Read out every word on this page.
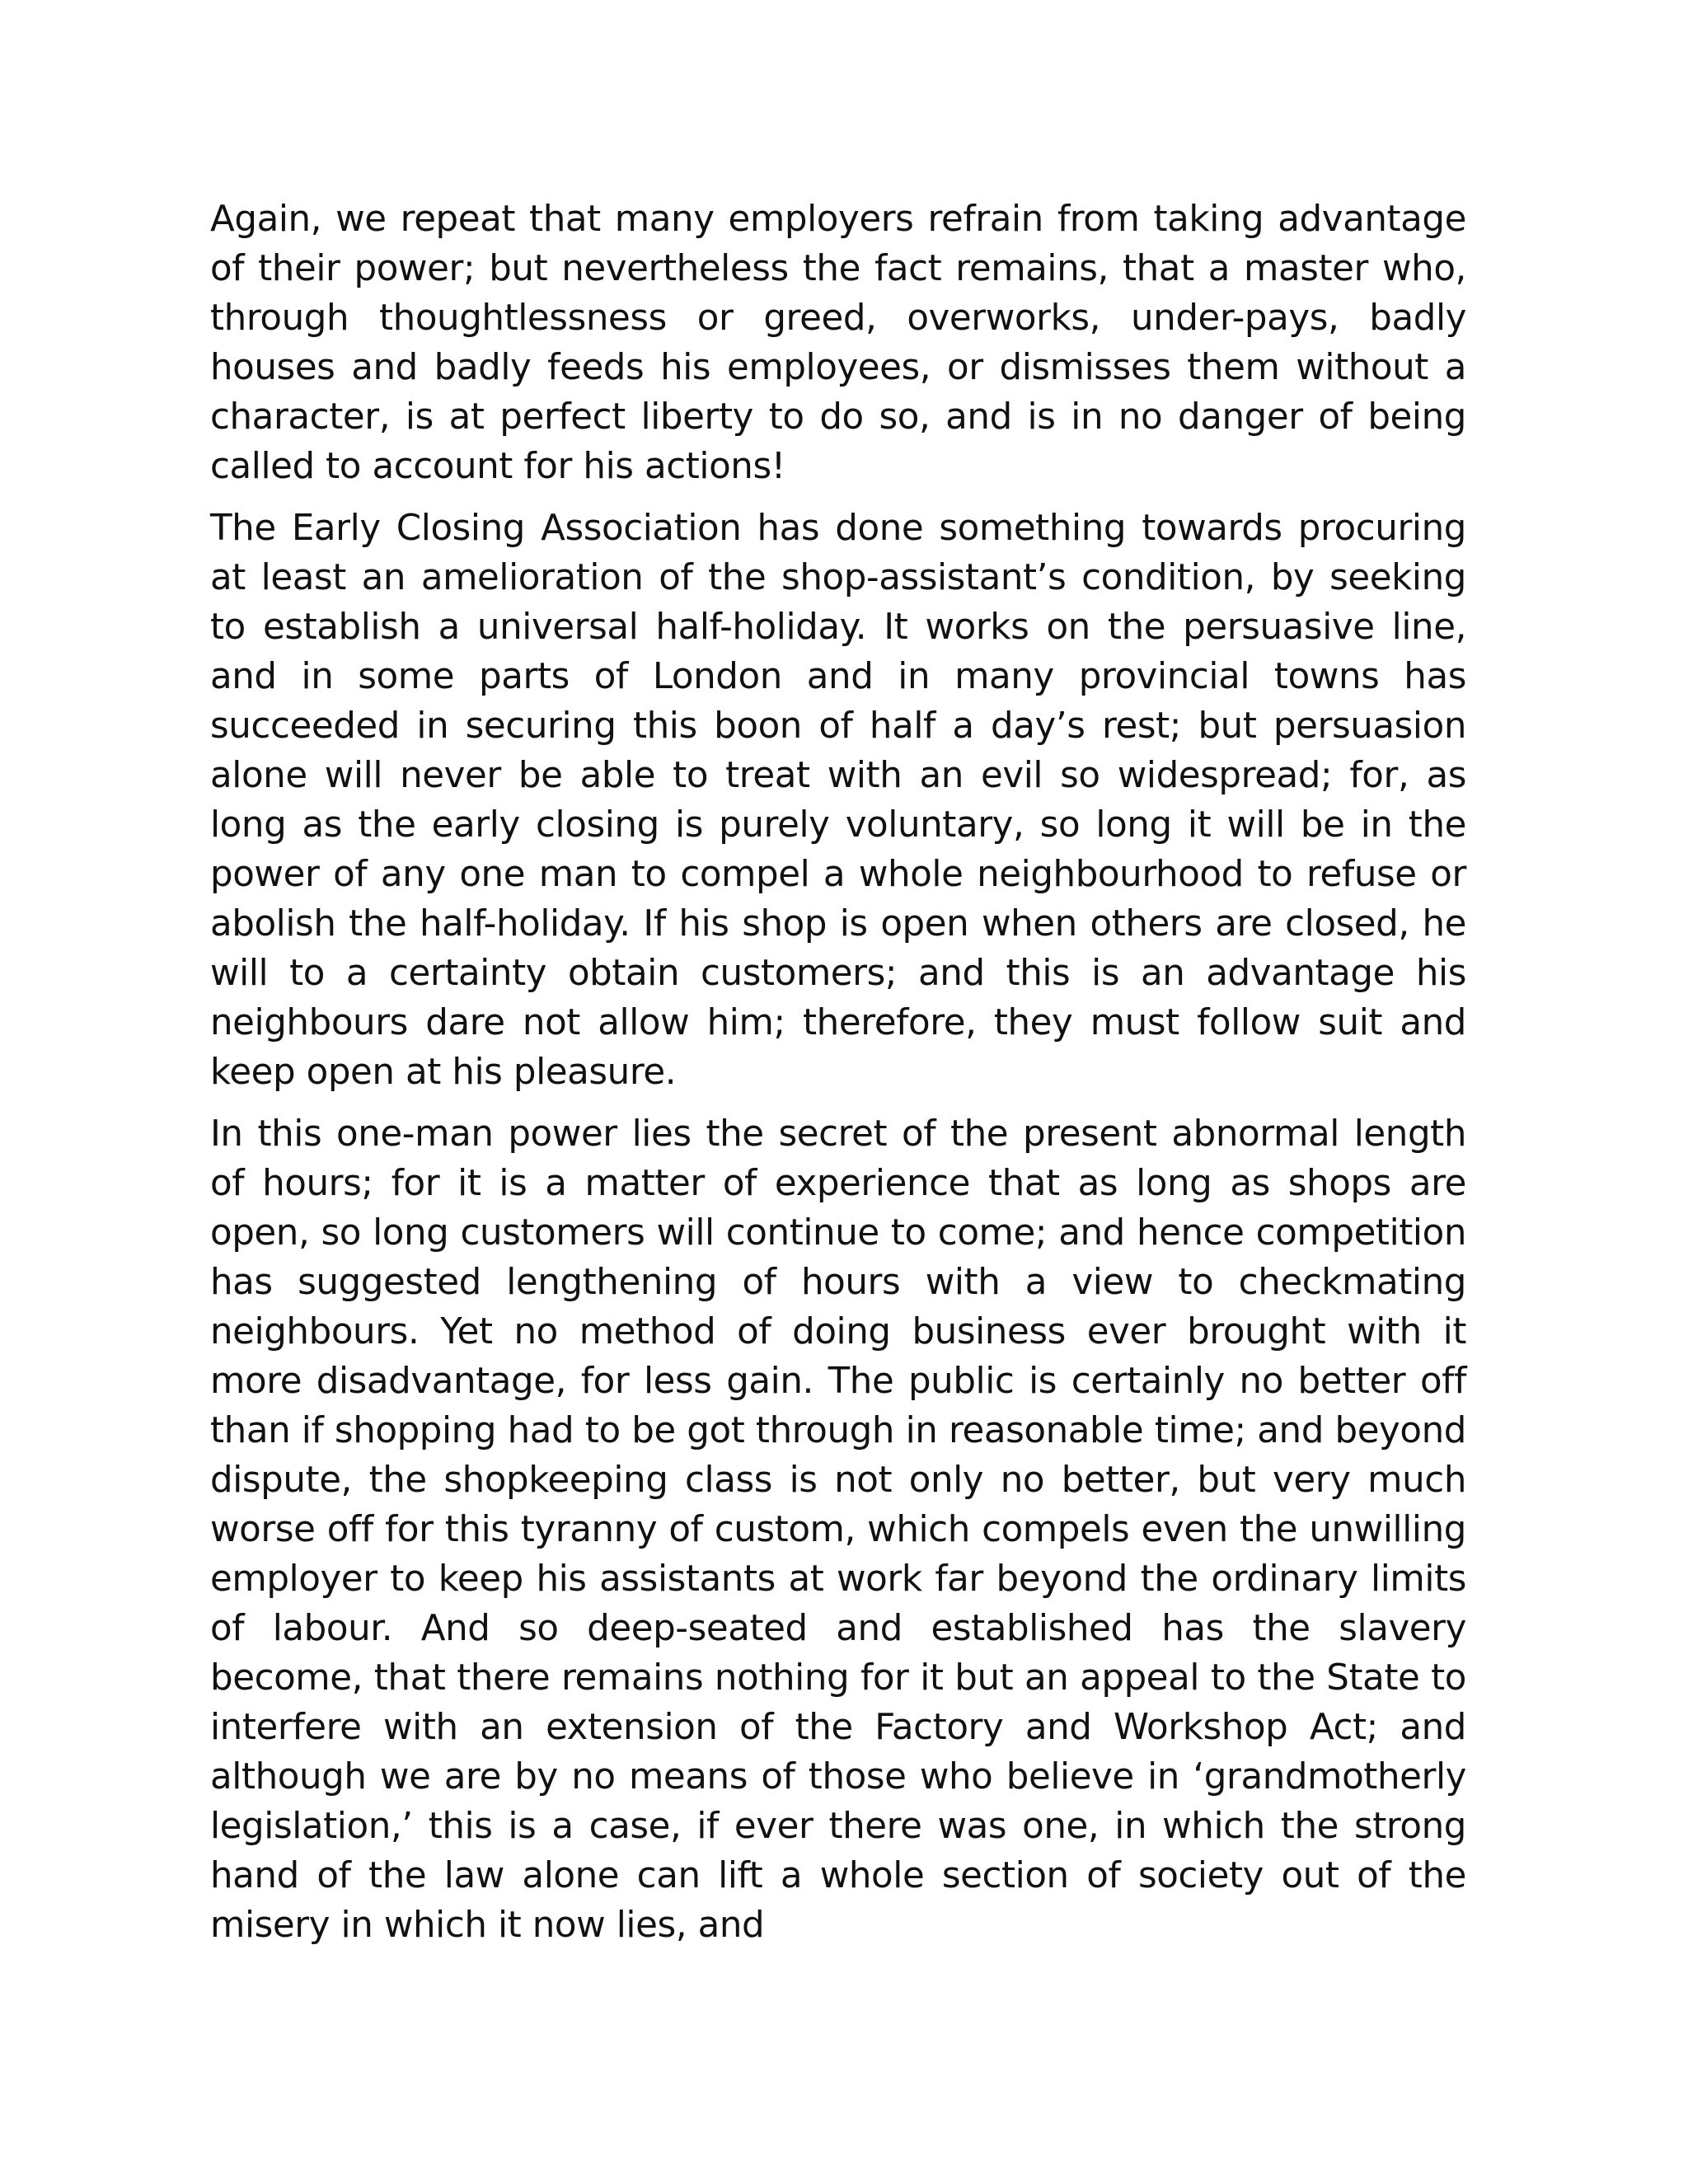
Again, we repeat that many employers refrain from taking advantage of their power; but nevertheless the fact remains, that a master who, through thoughtlessness or greed, overworks, under-pays, badly houses and badly feeds his employees, or dismisses them without a character, is at perfect liberty to do so, and is in no danger of being called to account for his actions!

The Early Closing Association has done something towards procuring at least an amelioration of the shop-assistant’s condition, by seeking to establish a universal half-holiday. It works on the persuasive line, and in some parts of London and in many provincial towns has succeeded in securing this boon of half a day’s rest; but persuasion alone will never be able to treat with an evil so widespread; for, as long as the early closing is purely voluntary, so long it will be in the power of any one man to compel a whole neighbourhood to refuse or abolish the half-holiday. If his shop is open when others are closed, he will to a certainty obtain customers; and this is an advantage his neighbours dare not allow him; therefore, they must follow suit and keep open at his pleasure.

In this one-man power lies the secret of the present abnormal length of hours; for it is a matter of experience that as long as shops are open, so long customers will continue to come; and hence competition has suggested lengthening of hours with a view to checkmating neighbours. Yet no method of doing business ever brought with it more disadvantage, for less gain. The public is certainly no better off than if shopping had to be got through in reasonable time; and beyond dispute, the shopkeeping class is not only no better, but very much worse off for this tyranny of custom, which compels even the unwilling employer to keep his assistants at work far beyond the ordinary limits of labour. And so deep-seated and established has the slavery become, that there remains nothing for it but an appeal to the State to interfere with an extension of the Factory and Workshop Act; and although we are by no means of those who believe in ‘grandmotherly legislation,’ this is a case, if ever there was one, in which the strong hand of the law alone can lift a whole section of society out of the misery in which it now lies, and
